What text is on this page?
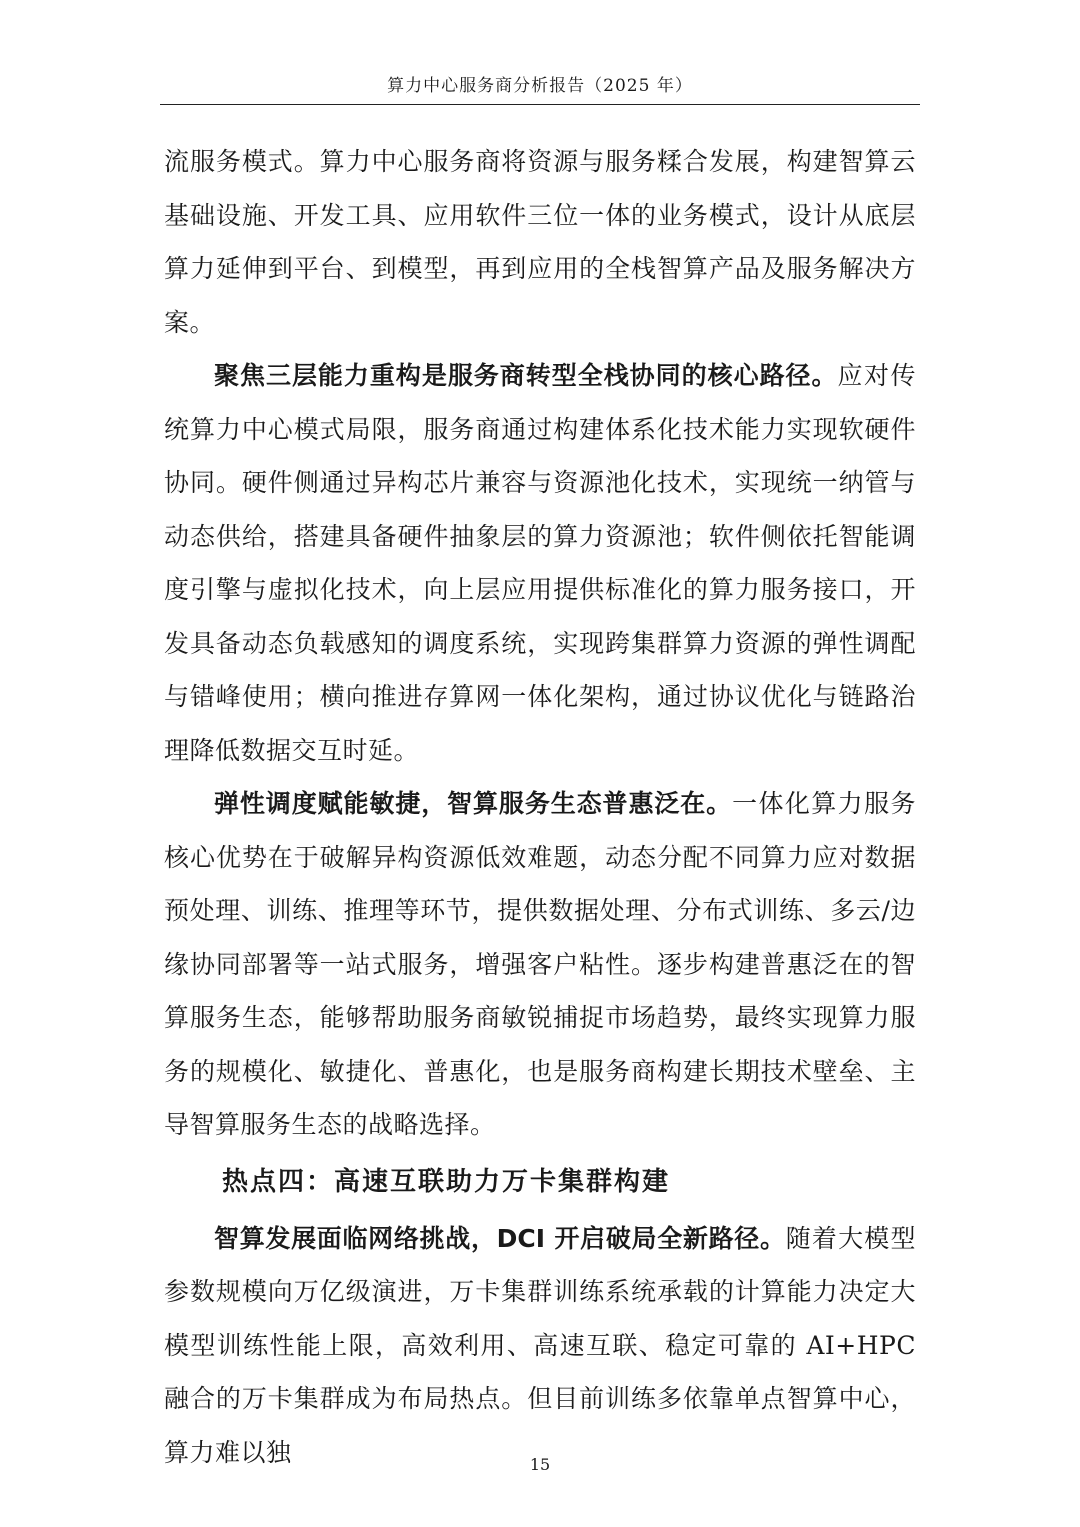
算力中心服务商分析报告（2025 年）

流服务模式。算力中心服务商将资源与服务糅合发展，构建智算云基础设施、开发工具、应用软件三位一体的业务模式，设计从底层算力延伸到平台、到模型，再到应用的全栈智算产品及服务解决方案。

聚焦三层能力重构是服务商转型全栈协同的核心路径。应对传统算力中心模式局限，服务商通过构建体系化技术能力实现软硬件协同。硬件侧通过异构芯片兼容与资源池化技术，实现统一纳管与动态供给，搭建具备硬件抽象层的算力资源池；软件侧依托智能调度引擎与虚拟化技术，向上层应用提供标准化的算力服务接口，开发具备动态负载感知的调度系统，实现跨集群算力资源的弹性调配与错峰使用；横向推进存算网一体化架构，通过协议优化与链路治理降低数据交互时延。

弹性调度赋能敏捷，智算服务生态普惠泛在。一体化算力服务核心优势在于破解异构资源低效难题，动态分配不同算力应对数据预处理、训练、推理等环节，提供数据处理、分布式训练、多云/边缘协同部署等一站式服务，增强客户粘性。逐步构建普惠泛在的智算服务生态，能够帮助服务商敏锐捕捉市场趋势，最终实现算力服务的规模化、敏捷化、普惠化，也是服务商构建长期技术壁垒、主导智算服务生态的战略选择。

热点四：高速互联助力万卡集群构建

智算发展面临网络挑战，DCI 开启破局全新路径。随着大模型参数规模向万亿级演进，万卡集群训练系统承载的计算能力决定大模型训练性能上限，高效利用、高速互联、稳定可靠的 AI+HPC 融合的万卡集群成为布局热点。但目前训练多依靠单点智算中心，算力难以独	15
